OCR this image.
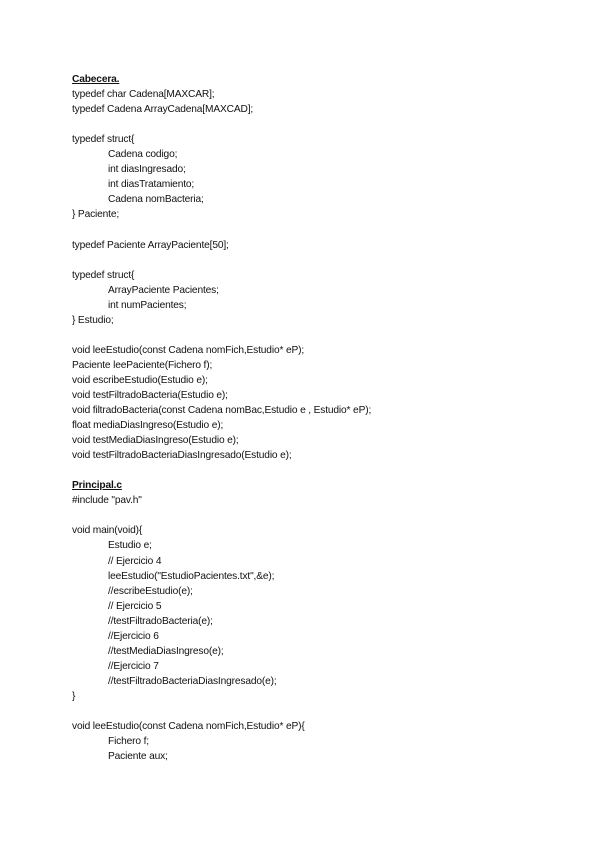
Cabecera.
typedef char Cadena[MAXCAR];
typedef Cadena ArrayCadena[MAXCAD];
typedef struct{
Cadena codigo;
int diasIngresado;
int diasTratamiento;
Cadena nomBacteria;
} Paciente;
typedef Paciente ArrayPaciente[50];
typedef struct{
ArrayPaciente Pacientes;
int numPacientes;
} Estudio;
void leeEstudio(const Cadena nomFich,Estudio* eP);
Paciente leePaciente(Fichero f);
void escribeEstudio(Estudio e);
void testFiltradoBacteria(Estudio e);
void filtradoBacteria(const Cadena nomBac,Estudio e , Estudio* eP);
float mediaDiasIngreso(Estudio e);
void testMediaDiasIngreso(Estudio e);
void testFiltradoBacteriaDiasIngresado(Estudio e);
Principal.c
#include "pav.h"
void main(void){
Estudio e;
// Ejercicio 4
leeEstudio("EstudioPacientes.txt",&e);
//escribeEstudio(e);
// Ejercicio 5
//testFiltradoBacteria(e);
//Ejercicio 6
//testMediaDiasIngreso(e);
//Ejercicio 7
//testFiltradoBacteriaDiasIngresado(e);
}
void leeEstudio(const Cadena nomFich,Estudio* eP){
Fichero f;
Paciente aux;
